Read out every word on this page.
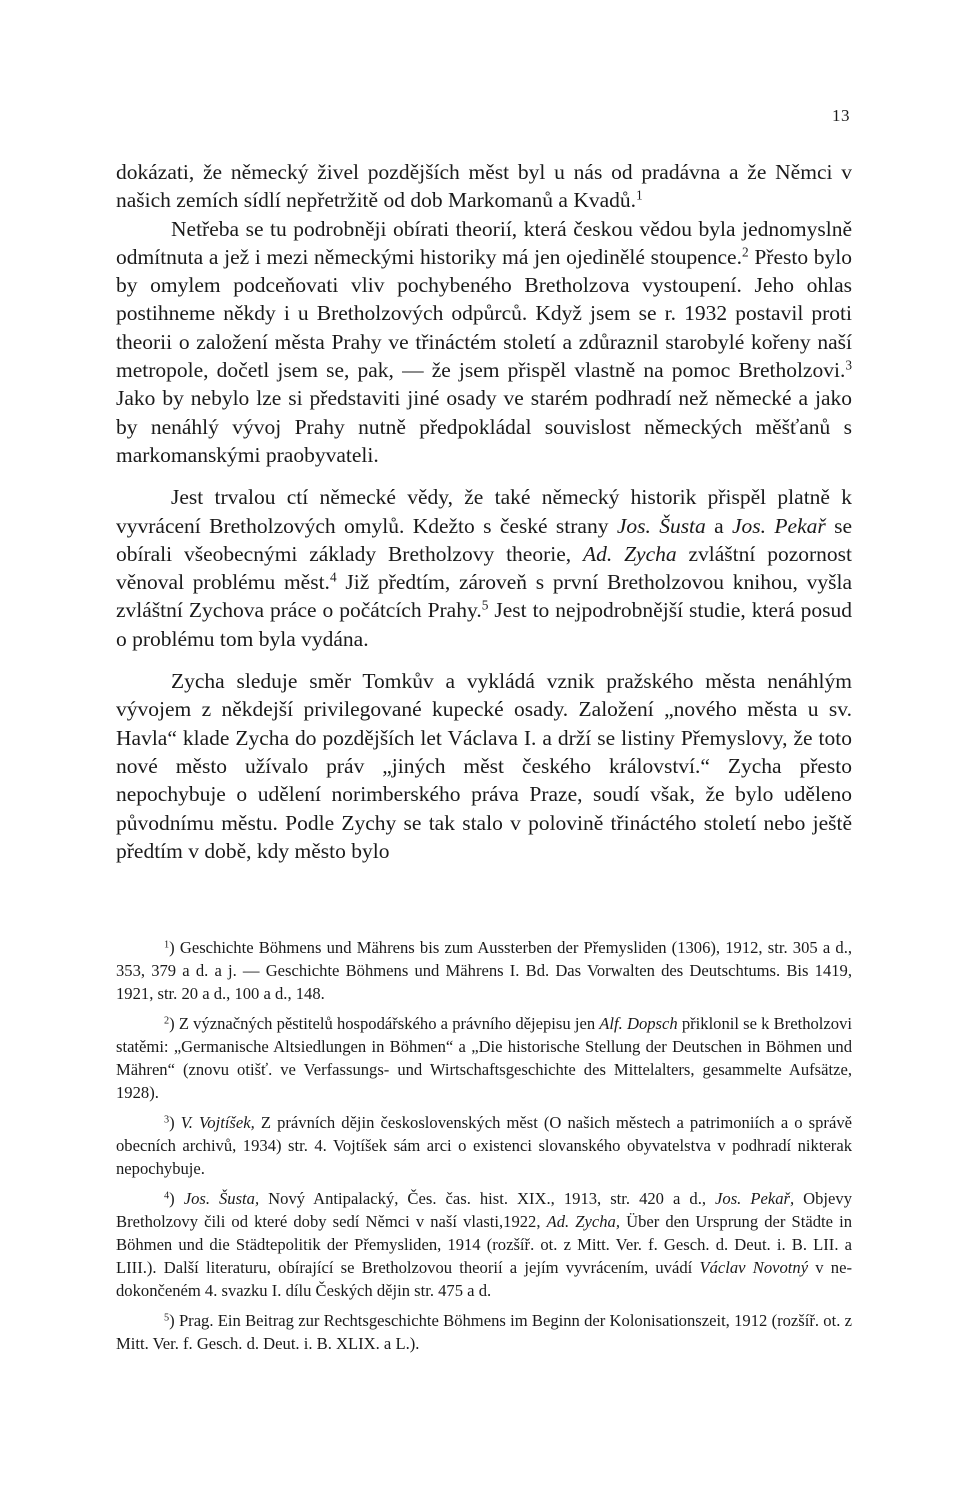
13

dokázati, že německý živel pozdějších měst byl u nás od pradávna a že Němci v našich zemích sídlí nepřetržitě od dob Markomanů a Kvadů.$^1$

Netřeba se tu podrobněji obírati theorií, která českou vědou byla jednomyslně odmítnuta a jež i mezi německými historiky má jen ojedinělé stoupence.$^2$ Přesto bylo by omylem podceňovati vliv pochybeného Bretholzova vystoupení. Jeho ohlas postihneme někdy i u Bretholzových odpůrců. Když jsem se r. 1932 postavil proti theorii o založení města Prahy ve třináctém století a zdůraznil starobylé kořeny naší metropole, dočetl jsem se, pak, — že jsem přispěl vlastně na pomoc Bretholzovi.$^3$ Jako by nebylo lze si představiti jiné osady ve starém podhradí než německé a jako by nenáhlý vývoj Prahy nutně předpokládal souvislost německých měšťanů s markomanskými praobyvateli.

Jest trvalou ctí německé vědy, že také německý historik přispěl platně k vyvrácení Bretholzových omylů. Kdežto s české strany Jos. Šusta a Jos. Pekař se obírali všeobecnými základy Bretholzovy theorie, Ad. Zycha zvláštní pozornost věnoval problému měst.$^4$ Již předtím, zároveň s první Bretholzovou knihou, vyšla zvláštní Zychova práce o počátcích Prahy.$^5$ Jest to nejpodrobnější studie, která posud o problému tom byla vydána.

Zycha sleduje směr Tomkův a vykládá vznik pražského města nenáhlým vývojem z někdejší privilegované kupecké osady. Založení „nového města u sv. Havla“ klade Zycha do pozdějších let Václava I. a drží se listiny Přemyslovy, že toto nové město užívalo práv „jiných měst českého království.“ Zycha přesto nepochybuje o udělení norimberského práva Praze, soudí však, že bylo uděleno původnímu městu. Podle Zychy se tak stalo v polovině třináctého století nebo ještě předtím v době, kdy město bylo

$^1$) Geschichte Böhmens und Mährens bis zum Aussterben der Přemysliden (1306), 1912, str. 305 a d., 353, 379 a d. a j. — Geschichte Böhmens und Mährens I. Bd. Das Vorwalten des Deutschtums. Bis 1419, 1921, str. 20 a d., 100 a d., 148.

$^2$) Z význačných pěstitelů hospodářského a právního dějepisu jen Alf. Dopsch přiklonil se k Bretholzovi statěmi: „Germanische Altsiedlungen in Böhmen“ a „Die historische Stellung der Deutschen in Böhmen und Mähren“ (znovu otišť. ve Verfassungs- und Wirtschaftsgeschichte des Mittelalters, gesammelte Aufsätze, 1928).

$^3$) V. Vojtíšek, Z právních dějin československých měst (O našich městech a patrimoniích a o správě obecních archivů, 1934) str. 4. Vojtíšek sám arci o existenci slovanského obyvatelstva v podhradí nikterak nepochybuje.

$^4$) Jos. Šusta, Nový Antipalacký, Čes. čas. hist. XIX., 1913, str. 420 a d., Jos. Pekař, Objevy Bretholzovy čili od které doby sedí Němci v naší vlasti,1922, Ad. Zycha, Über den Ursprung der Städte in Böhmen und die Städtepolitik der Přemysliden, 1914 (rozšíř. ot. z Mitt. Ver. f. Gesch. d. Deut. i. B. LII. a LIII.). Další literaturu, obírající se Bretholzovou theorií a jejím vyvrácením, uvádí Václav Novotný v nedokončeném 4. svazku I. dílu Českých dějin str. 475 a d.

$^5$) Prag. Ein Beitrag zur Rechtsgeschichte Böhmens im Beginn der Kolonisationszeit, 1912 (rozšíř. ot. z Mitt. Ver. f. Gesch. d. Deut. i. B. XLIX. a L.).
